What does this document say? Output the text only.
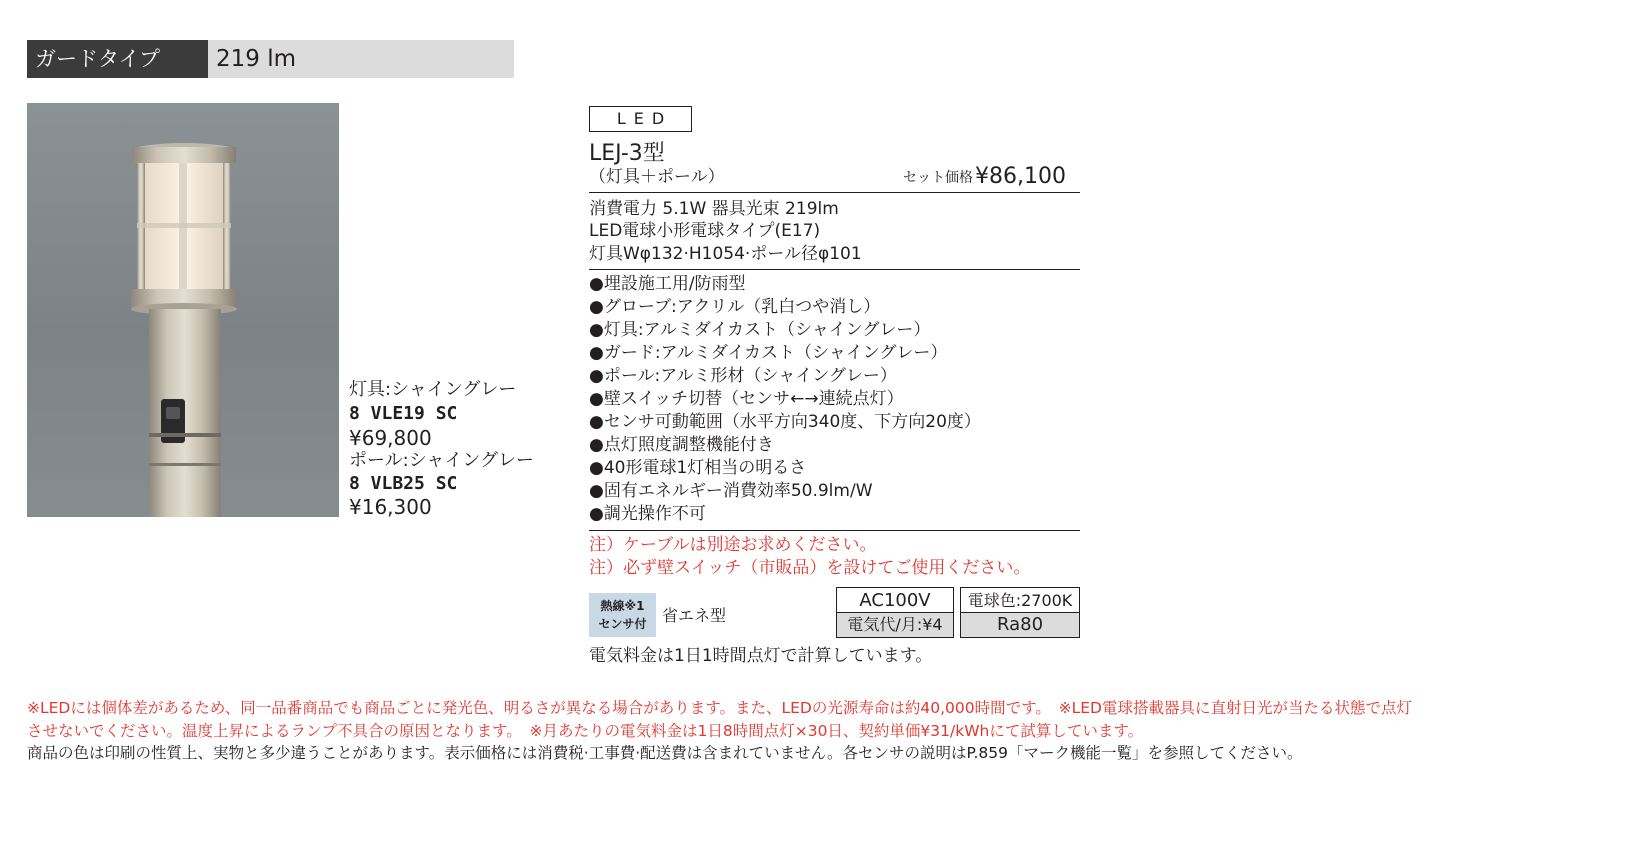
ガードタイプ	219 lm
灯具:シャイングレー
8 VLE19 SC
¥69,800
ポール:シャイングレー
8 VLB25 SC
¥16,300
LED
LEJ-3型
（灯具＋ポール）	セット価格 ¥86,100
消費電力 5.1W 器具光束 219lm
LED電球小形電球タイプ(E17)
灯具Wφ132·H1054·ポール径φ101
●埋設施工用/防雨型
●グローブ:アクリル（乳白つや消し）
●灯具:アルミダイカスト（シャイングレー）
●ガード:アルミダイカスト（シャイングレー）
●ポール:アルミ形材（シャイングレー）
●壁スイッチ切替（センサ←→連続点灯）
●センサ可動範囲（水平方向340度、下方向20度）
●点灯照度調整機能付き
●40形電球1灯相当の明るさ
●固有エネルギー消費効率50.9lm/W
●調光操作不可
注）ケーブルは別途お求めください。
注）必ず壁スイッチ（市販品）を設けてご使用ください。
熱線※1
センサ付 省エネ型
AC100V	電球色:2700K
電気代/月:¥4	Ra80
電気料金は1日1時間点灯で計算しています。
※LEDには個体差があるため、同一品番商品でも商品ごとに発光色、明るさが異なる場合があります。また、LEDの光源寿命は約40,000時間です。　※LED電球搭載器具に直射日光が当たる状態で点灯
させないでください。温度上昇によるランプ不具合の原因となります。　※月あたりの電気料金は1日8時間点灯×30日、契約単価¥31/kWhにて試算しています。
商品の色は印刷の性質上、実物と多少違うことがあります。表示価格には消費税·工事費·配送費は含まれていません。各センサの説明はP.859「マーク機能一覧」を参照してください。
